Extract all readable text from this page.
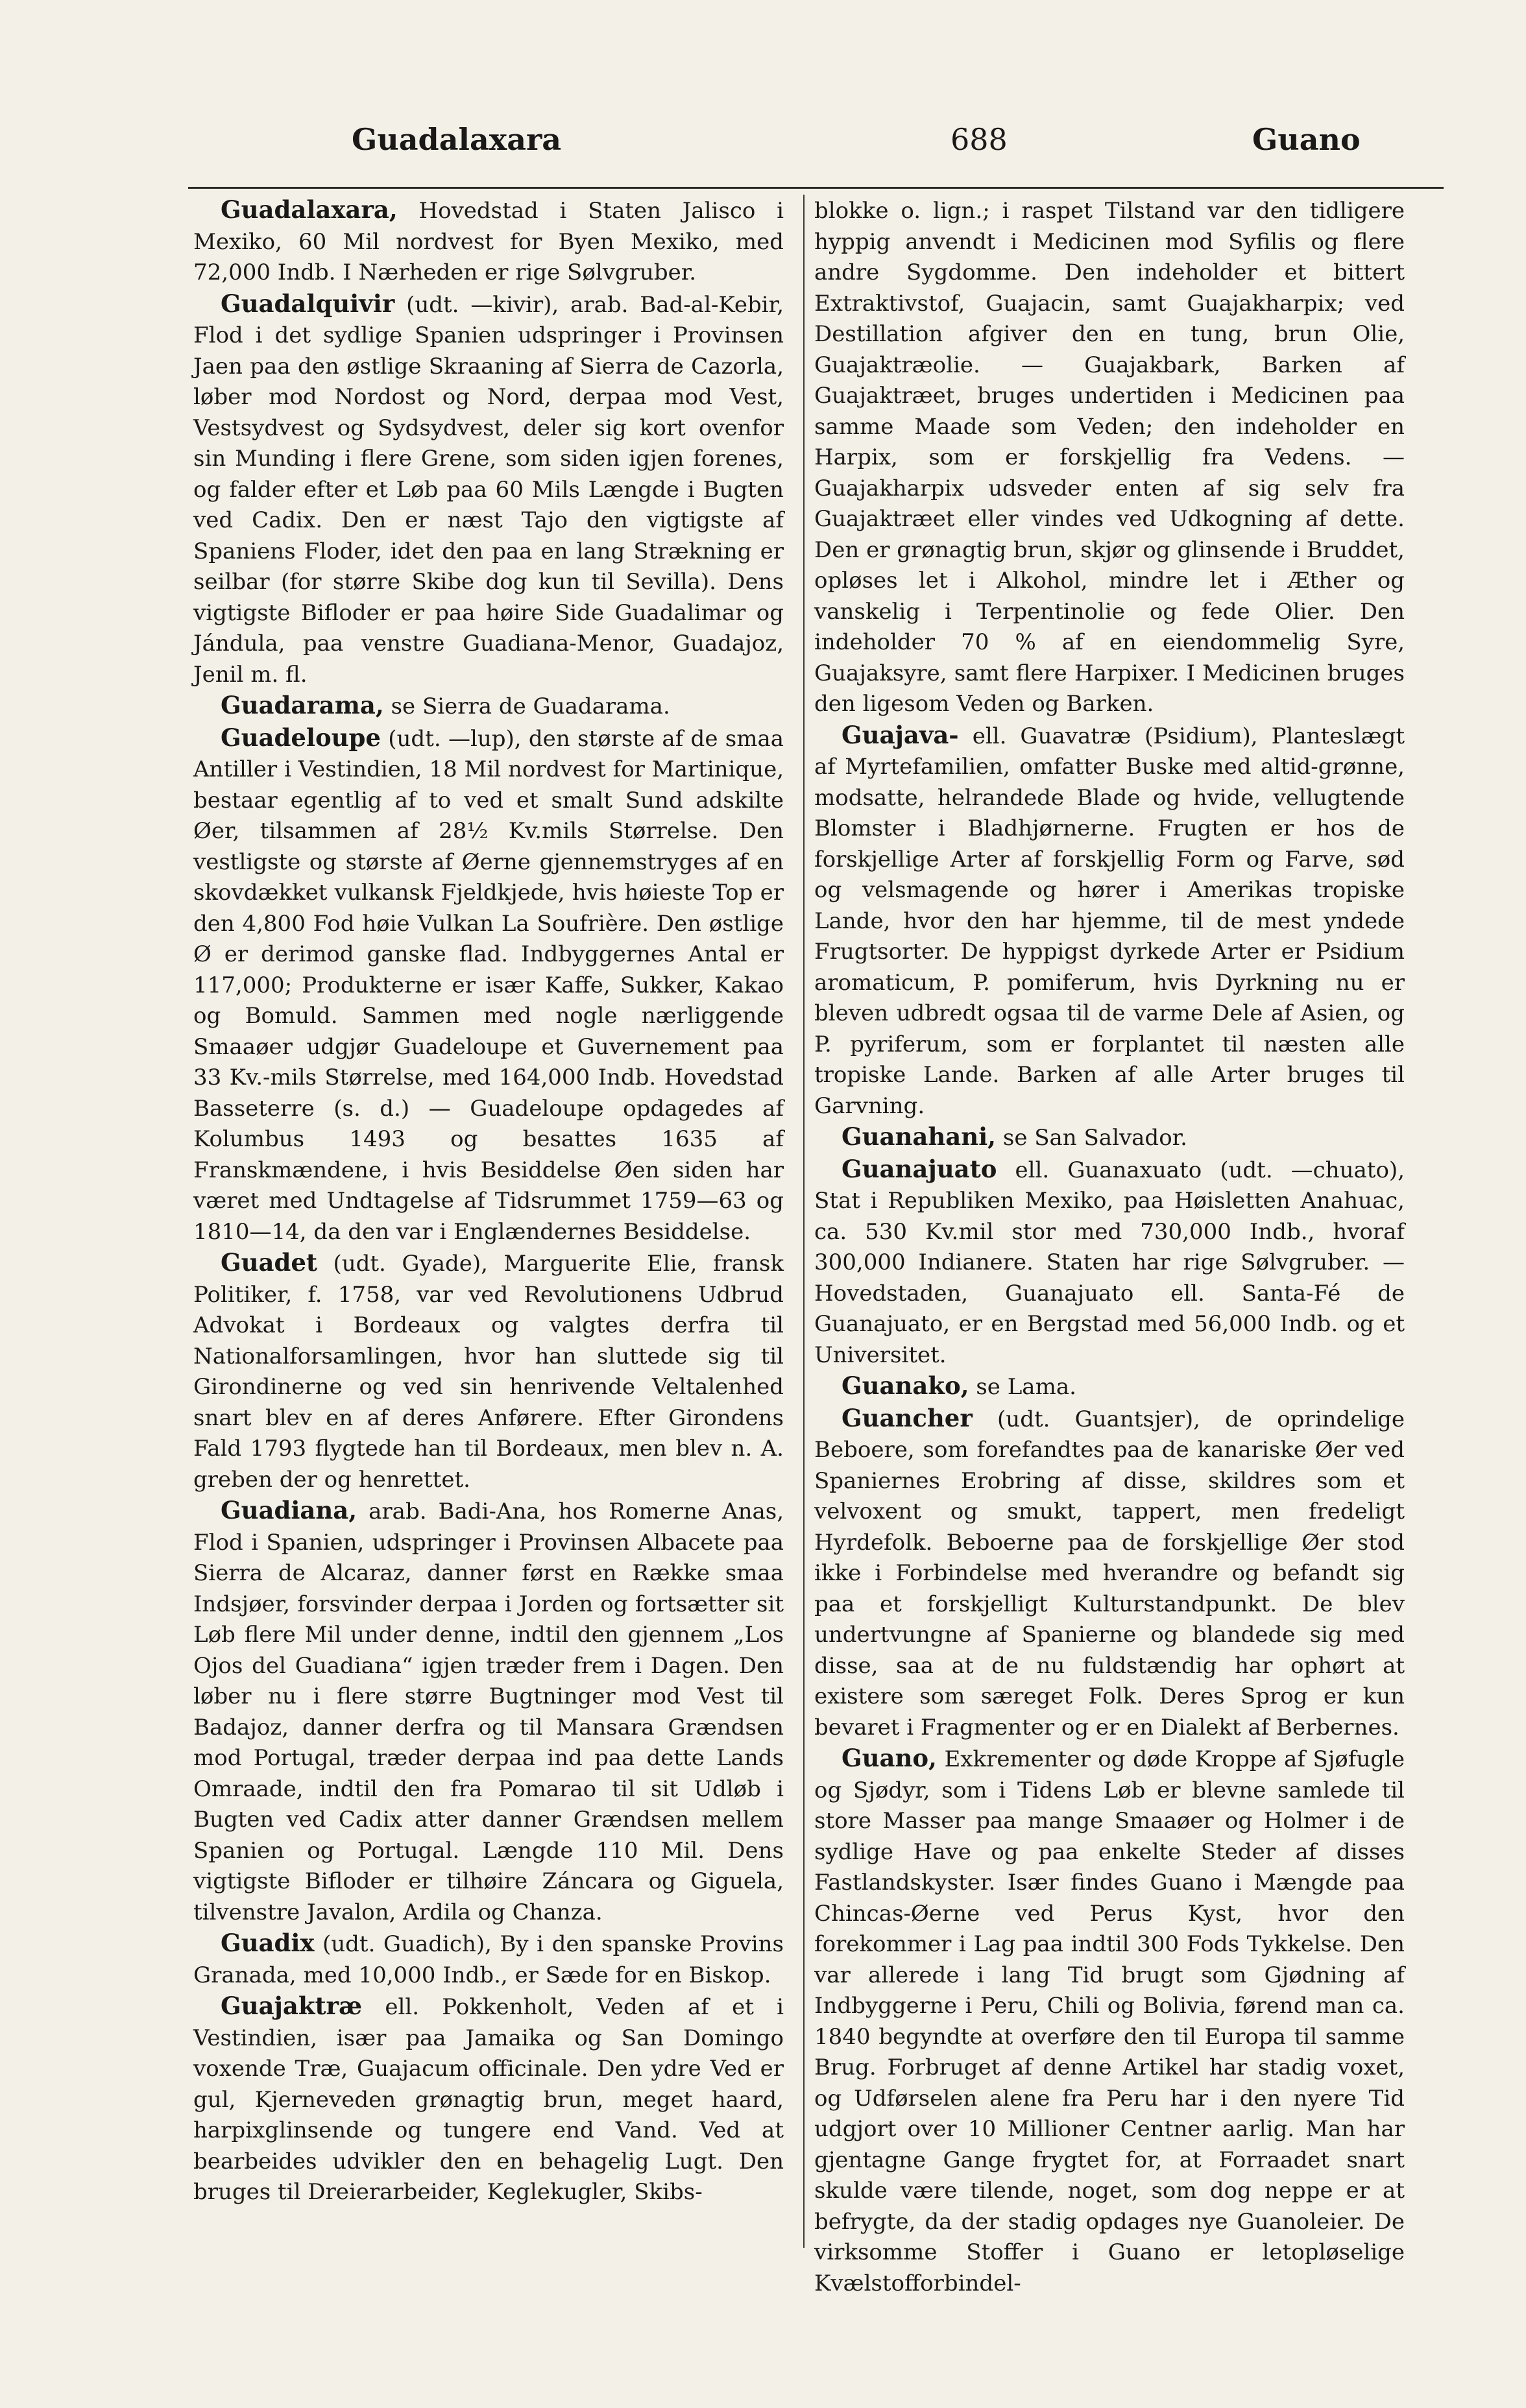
Guadalaxara	688	Guano

Guadalaxara, Hovedstad i Staten Jalisco i Mexiko, 60 Mil nordvest for Byen Mexiko, med 72,000 Indb. I Nærheden er rige Sølvgruber.

Guadalquivir (udt. —kivir), arab. Bad-al-Kebir, Flod i det sydlige Spanien udspringer i Provinsen Jaen paa den østlige Skraaning af Sierra de Cazorla, løber mod Nordost og Nord, derpaa mod Vest, Vestsydvest og Sydsydvest, deler sig kort ovenfor sin Munding i flere Grene, som siden igjen forenes, og falder efter et Løb paa 60 Mils Længde i Bugten ved Cadix. Den er næst Tajo den vigtigste af Spaniens Floder, idet den paa en lang Strækning er seilbar (for større Skibe dog kun til Sevilla). Dens vigtigste Bifloder er paa høire Side Guadalimar og Jándula, paa venstre Guadiana-Menor, Guadajoz, Jenil m. fl.

Guadarama, se Sierra de Guadarama.

Guadeloupe (udt. —lup), den største af de smaa Antiller i Vestindien, 18 Mil nordvest for Martinique, bestaar egentlig af to ved et smalt Sund adskilte Øer, tilsammen af 28½ Kv.mils Størrelse. Den vestligste og største af Øerne gjennemstryges af en skovdækket vulkansk Fjeldkjede, hvis høieste Top er den 4,800 Fod høie Vulkan La Soufrière. Den østlige Ø er derimod ganske flad. Indbyggernes Antal er 117,000; Produkterne er især Kaffe, Sukker, Kakao og Bomuld. Sammen med nogle nærliggende Smaaøer udgjør Guadeloupe et Guvernement paa 33 Kv.-mils Størrelse, med 164,000 Indb. Hovedstad Basseterre (s. d.) — Guadeloupe opdagedes af Kolumbus 1493 og besattes 1635 af Franskmændene, i hvis Besiddelse Øen siden har været med Undtagelse af Tidsrummet 1759—63 og 1810—14, da den var i Englændernes Besiddelse.

Guadet (udt. Gyade), Marguerite Elie, fransk Politiker, f. 1758, var ved Revolutionens Udbrud Advokat i Bordeaux og valgtes derfra til Nationalforsamlingen, hvor han sluttede sig til Girondinerne og ved sin henrivende Veltalenhed snart blev en af deres Anførere. Efter Girondens Fald 1793 flygtede han til Bordeaux, men blev n. A. greben der og henrettet.

Guadiana, arab. Badi-Ana, hos Romerne Anas, Flod i Spanien, udspringer i Provinsen Albacete paa Sierra de Alcaraz, danner først en Række smaa Indsjøer, forsvinder derpaa i Jorden og fortsætter sit Løb flere Mil under denne, indtil den gjennem „Los Ojos del Guadiana“ igjen træder frem i Dagen. Den løber nu i flere større Bugtninger mod Vest til Badajoz, danner derfra og til Mansara Grændsen mod Portugal, træder derpaa ind paa dette Lands Omraade, indtil den fra Pomarao til sit Udløb i Bugten ved Cadix atter danner Grændsen mellem Spanien og Portugal. Længde 110 Mil. Dens vigtigste Bifloder er tilhøire Záncara og Giguela, tilvenstre Javalon, Ardila og Chanza.

Guadix (udt. Guadich), By i den spanske Provins Granada, med 10,000 Indb., er Sæde for en Biskop.

Guajaktræ ell. Pokkenholt, Veden af et i Vestindien, især paa Jamaika og San Domingo voxende Træ, Guajacum officinale. Den ydre Ved er gul, Kjerneveden grønagtig brun, meget haard, harpixglinsende og tungere end Vand. Ved at bearbeides udvikler den en behagelig Lugt. Den bruges til Dreierarbeider, Keglekugler, Skibs-

blokke o. lign.; i raspet Tilstand var den tidligere hyppig anvendt i Medicinen mod Syfilis og flere andre Sygdomme. Den indeholder et bittert Extraktivstof, Guajacin, samt Guajakharpix; ved Destillation afgiver den en tung, brun Olie, Guajaktræolie. — Guajakbark, Barken af Guajaktræet, bruges undertiden i Medicinen paa samme Maade som Veden; den indeholder en Harpix, som er forskjellig fra Vedens. — Guajakharpix udsveder enten af sig selv fra Guajaktræet eller vindes ved Udkogning af dette. Den er grønagtig brun, skjør og glinsende i Bruddet, opløses let i Alkohol, mindre let i Æther og vanskelig i Terpentinolie og fede Olier. Den indeholder 70 % af en eiendommelig Syre, Guajaksyre, samt flere Harpixer. I Medicinen bruges den ligesom Veden og Barken.

Guajava- ell. Guavatræ (Psidium), Planteslægt af Myrtefamilien, omfatter Buske med altid-grønne, modsatte, helrandede Blade og hvide, vellugtende Blomster i Bladhjørnerne. Frugten er hos de forskjellige Arter af forskjellig Form og Farve, sød og velsmagende og hører i Amerikas tropiske Lande, hvor den har hjemme, til de mest yndede Frugtsorter. De hyppigst dyrkede Arter er Psidium aromaticum, P. pomiferum, hvis Dyrkning nu er bleven udbredt ogsaa til de varme Dele af Asien, og P. pyriferum, som er forplantet til næsten alle tropiske Lande. Barken af alle Arter bruges til Garvning.

Guanahani, se San Salvador.

Guanajuato ell. Guanaxuato (udt. —chuato), Stat i Republiken Mexiko, paa Høisletten Anahuac, ca. 530 Kv.mil stor med 730,000 Indb., hvoraf 300,000 Indianere. Staten har rige Sølvgruber. — Hovedstaden, Guanajuato ell. Santa-Fé de Guanajuato, er en Bergstad med 56,000 Indb. og et Universitet.

Guanako, se Lama.

Guancher (udt. Guantsjer), de oprindelige Beboere, som forefandtes paa de kanariske Øer ved Spaniernes Erobring af disse, skildres som et velvoxent og smukt, tappert, men fredeligt Hyrdefolk. Beboerne paa de forskjellige Øer stod ikke i Forbindelse med hverandre og befandt sig paa et forskjelligt Kulturstandpunkt. De blev undertvungne af Spanierne og blandede sig med disse, saa at de nu fuldstændig har ophørt at existere som særeget Folk. Deres Sprog er kun bevaret i Fragmenter og er en Dialekt af Berbernes.

Guano, Exkrementer og døde Kroppe af Sjøfugle og Sjødyr, som i Tidens Løb er blevne samlede til store Masser paa mange Smaaøer og Holmer i de sydlige Have og paa enkelte Steder af disses Fastlandskyster. Især findes Guano i Mængde paa Chincas-Øerne ved Perus Kyst, hvor den forekommer i Lag paa indtil 300 Fods Tykkelse. Den var allerede i lang Tid brugt som Gjødning af Indbyggerne i Peru, Chili og Bolivia, førend man ca. 1840 begyndte at overføre den til Europa til samme Brug. Forbruget af denne Artikel har stadig voxet, og Udførselen alene fra Peru har i den nyere Tid udgjort over 10 Millioner Centner aarlig. Man har gjentagne Gange frygtet for, at Forraadet snart skulde være tilende, noget, som dog neppe er at befrygte, da der stadig opdages nye Guanoleier. De virksomme Stoffer i Guano er letopløselige Kvælstofforbindel-
